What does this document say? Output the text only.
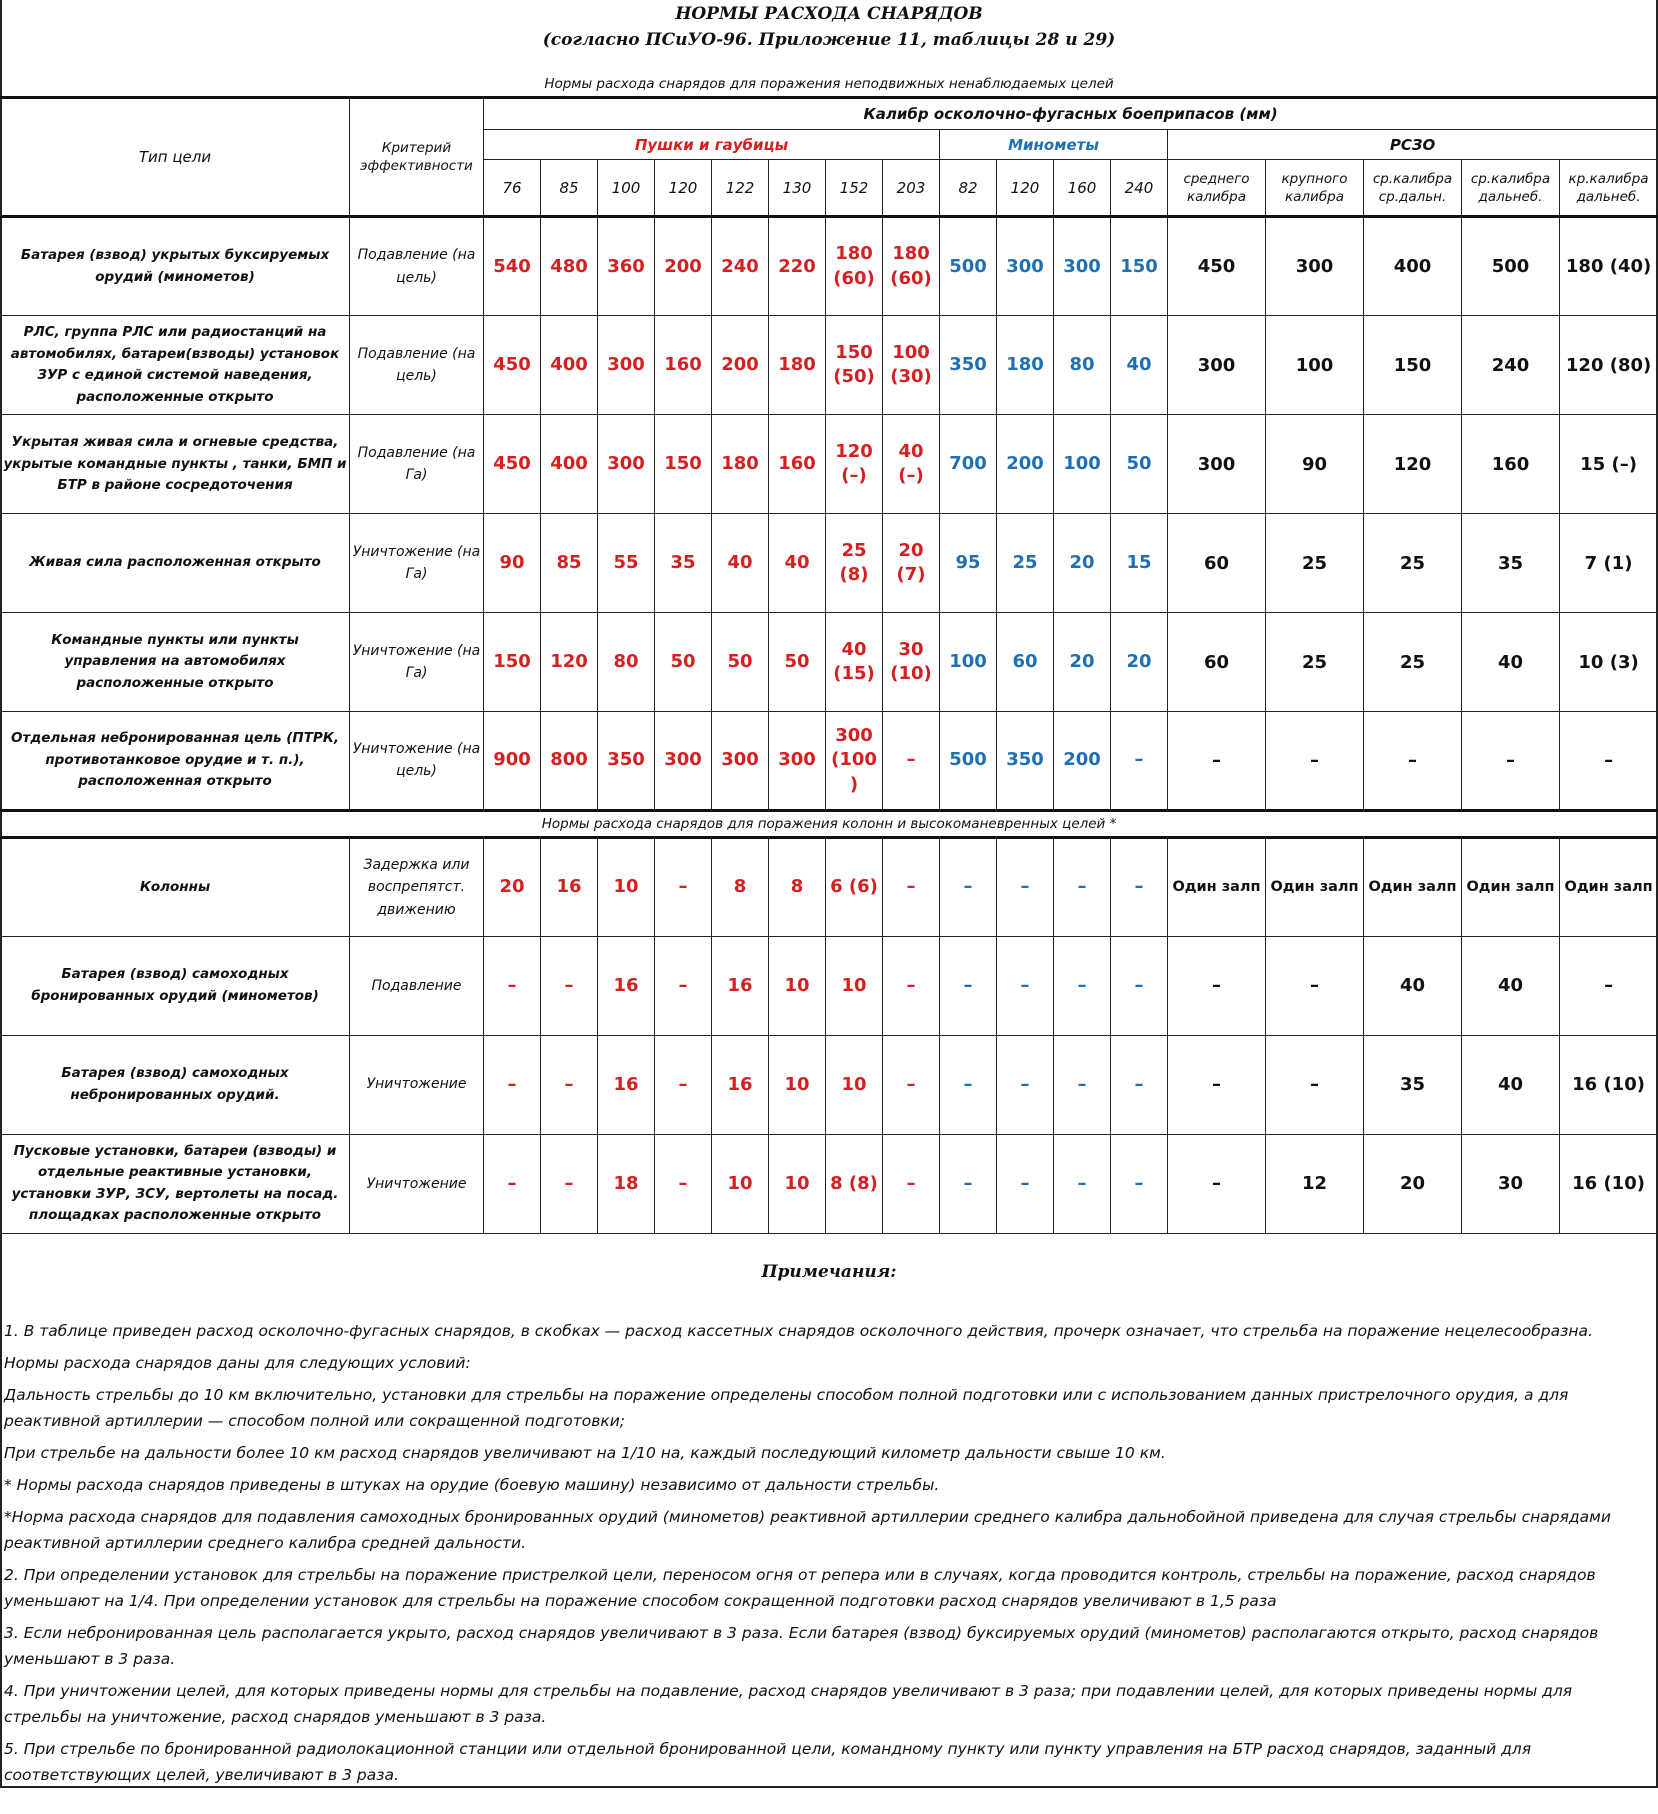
НОРМЫ РАСХОДА СНАРЯДОВ
(согласно ПСиУО-96. Приложение 11, таблицы 28 и 29)
Нормы расхода снарядов для поражения неподвижных ненаблюдаемых целей
Тип цели	Критерий эффективности	Калибр осколочно-фугасных боеприпасов (мм)																
		Пушки и гаубицы								Минометы				РСЗО				
		76	85	100	120	122	130	152	203	82	120	160	240	среднего калибра	крупного калибра	ср.калибра ср.дальн.	ср.калибра дальнеб.	кр.калибра дальнеб.
Батарея (взвод) укрытых буксируемых орудий (минометов)	Подавление (на цель)	540	480	360	200	240	220	180 (60)	180 (60)	500	300	300	150	450	300	400	500	180 (40)
РЛС, группа РЛС или радиостанций на автомобилях, батареи(взводы) установок ЗУР с единой системой наведения, расположенные открыто	Подавление (на цель)	450	400	300	160	200	180	150 (50)	100 (30)	350	180	80	40	300	100	150	240	120 (80)
Укрытая живая сила и огневые средства, укрытые командные пункты , танки, БМП и БТР в районе сосредоточения	Подавление (на Га)	450	400	300	150	180	160	120 (–)	40 (–)	700	200	100	50	300	90	120	160	15 (–)
Живая сила расположенная открыто	Уничтожение (на Га)	90	85	55	35	40	40	25 (8)	20 (7)	95	25	20	15	60	25	25	35	7 (1)
Командные пункты или пункты управления на автомобилях расположенные открыто	Уничтожение (на Га)	150	120	80	50	50	50	40 (15)	30 (10)	100	60	20	20	60	25	25	40	10 (3)
Отдельная небронированная цель (ПТРК, противотанковое орудие и т. п.), расположенная открыто	Уничтожение (на цель)	900	800	350	300	300	300	300 (100 )	–	500	350	200	–	–	–	–	–	–
Нормы расхода снарядов для поражения колонн и высокоманевренных целей *																		
Колонны	Задержка или воспрепятст. движению	20	16	10	–	8	8	6 (6)	–	–	–	–	–	Один залп	Один залп	Один залп	Один залп	Один залп
Батарея (взвод) самоходных бронированных орудий (минометов)	Подавление	–	–	16	–	16	10	10	–	–	–	–	–	–	–	40	40	–
Батарея (взвод) самоходных небронированных орудий.	Уничтожение	–	–	16	–	16	10	10	–	–	–	–	–	–	–	35	40	16 (10)
Пусковые установки, батареи (взводы) и отдельные реактивные установки, установки ЗУР, ЗСУ, вертолеты на посад. площадках расположенные открыто	Уничтожение	–	–	18	–	10	10	8 (8)	–	–	–	–	–	–	12	20	30	16 (10)
Примечания:

1. В таблице приведен расход осколочно-фугасных снарядов, в скобках — расход кассетных снарядов осколочного действия, прочерк означает, что стрельба на поражение нецелесообразна.

Нормы расхода снарядов даны для следующих условий:

Дальность стрельбы до 10 км включительно, установки для стрельбы на поражение определены способом полной подготовки или с использованием данных пристрелочного орудия, а для реактивной артиллерии — способом полной или сокращенной подготовки;

При стрельбе на дальности более 10 км расход снарядов увеличивают на 1/10 на, каждый последующий километр дальности свыше 10 км.

* Нормы расхода снарядов приведены в штуках на орудие (боевую машину) независимо от дальности стрельбы.

*Норма расхода снарядов для подавления самоходных бронированных орудий (минометов) реактивной артиллерии среднего калибра дальнобойной приведена для случая стрельбы снарядами реактивной артиллерии среднего калибра средней дальности.

2. При определении установок для стрельбы на поражение пристрелкой цели, переносом огня от репера или в случаях, когда проводится контроль, стрельбы на поражение, расход снарядов уменьшают на 1/4. При определении установок для стрельбы на поражение способом сокращенной подготовки расход снарядов увеличивают в 1,5 раза

3. Если небронированная цель располагается укрыто, расход снарядов увеличивают в 3 раза. Если батарея (взвод) буксируемых орудий (минометов) располагаются открыто, расход снарядов уменьшают в 3 раза.

4. При уничтожении целей, для которых приведены нормы для стрельбы на подавление, расход снарядов увеличивают в 3 раза; при подавлении целей, для которых приведены нормы для стрельбы на уничтожение, расход снарядов уменьшают в 3 раза.

5. При стрельбе по бронированной радиолокационной станции или отдельной бронированной цели, командному пункту или пункту управления на БТР расход снарядов, заданный для соответствующих целей, увеличивают в 3 раза.
